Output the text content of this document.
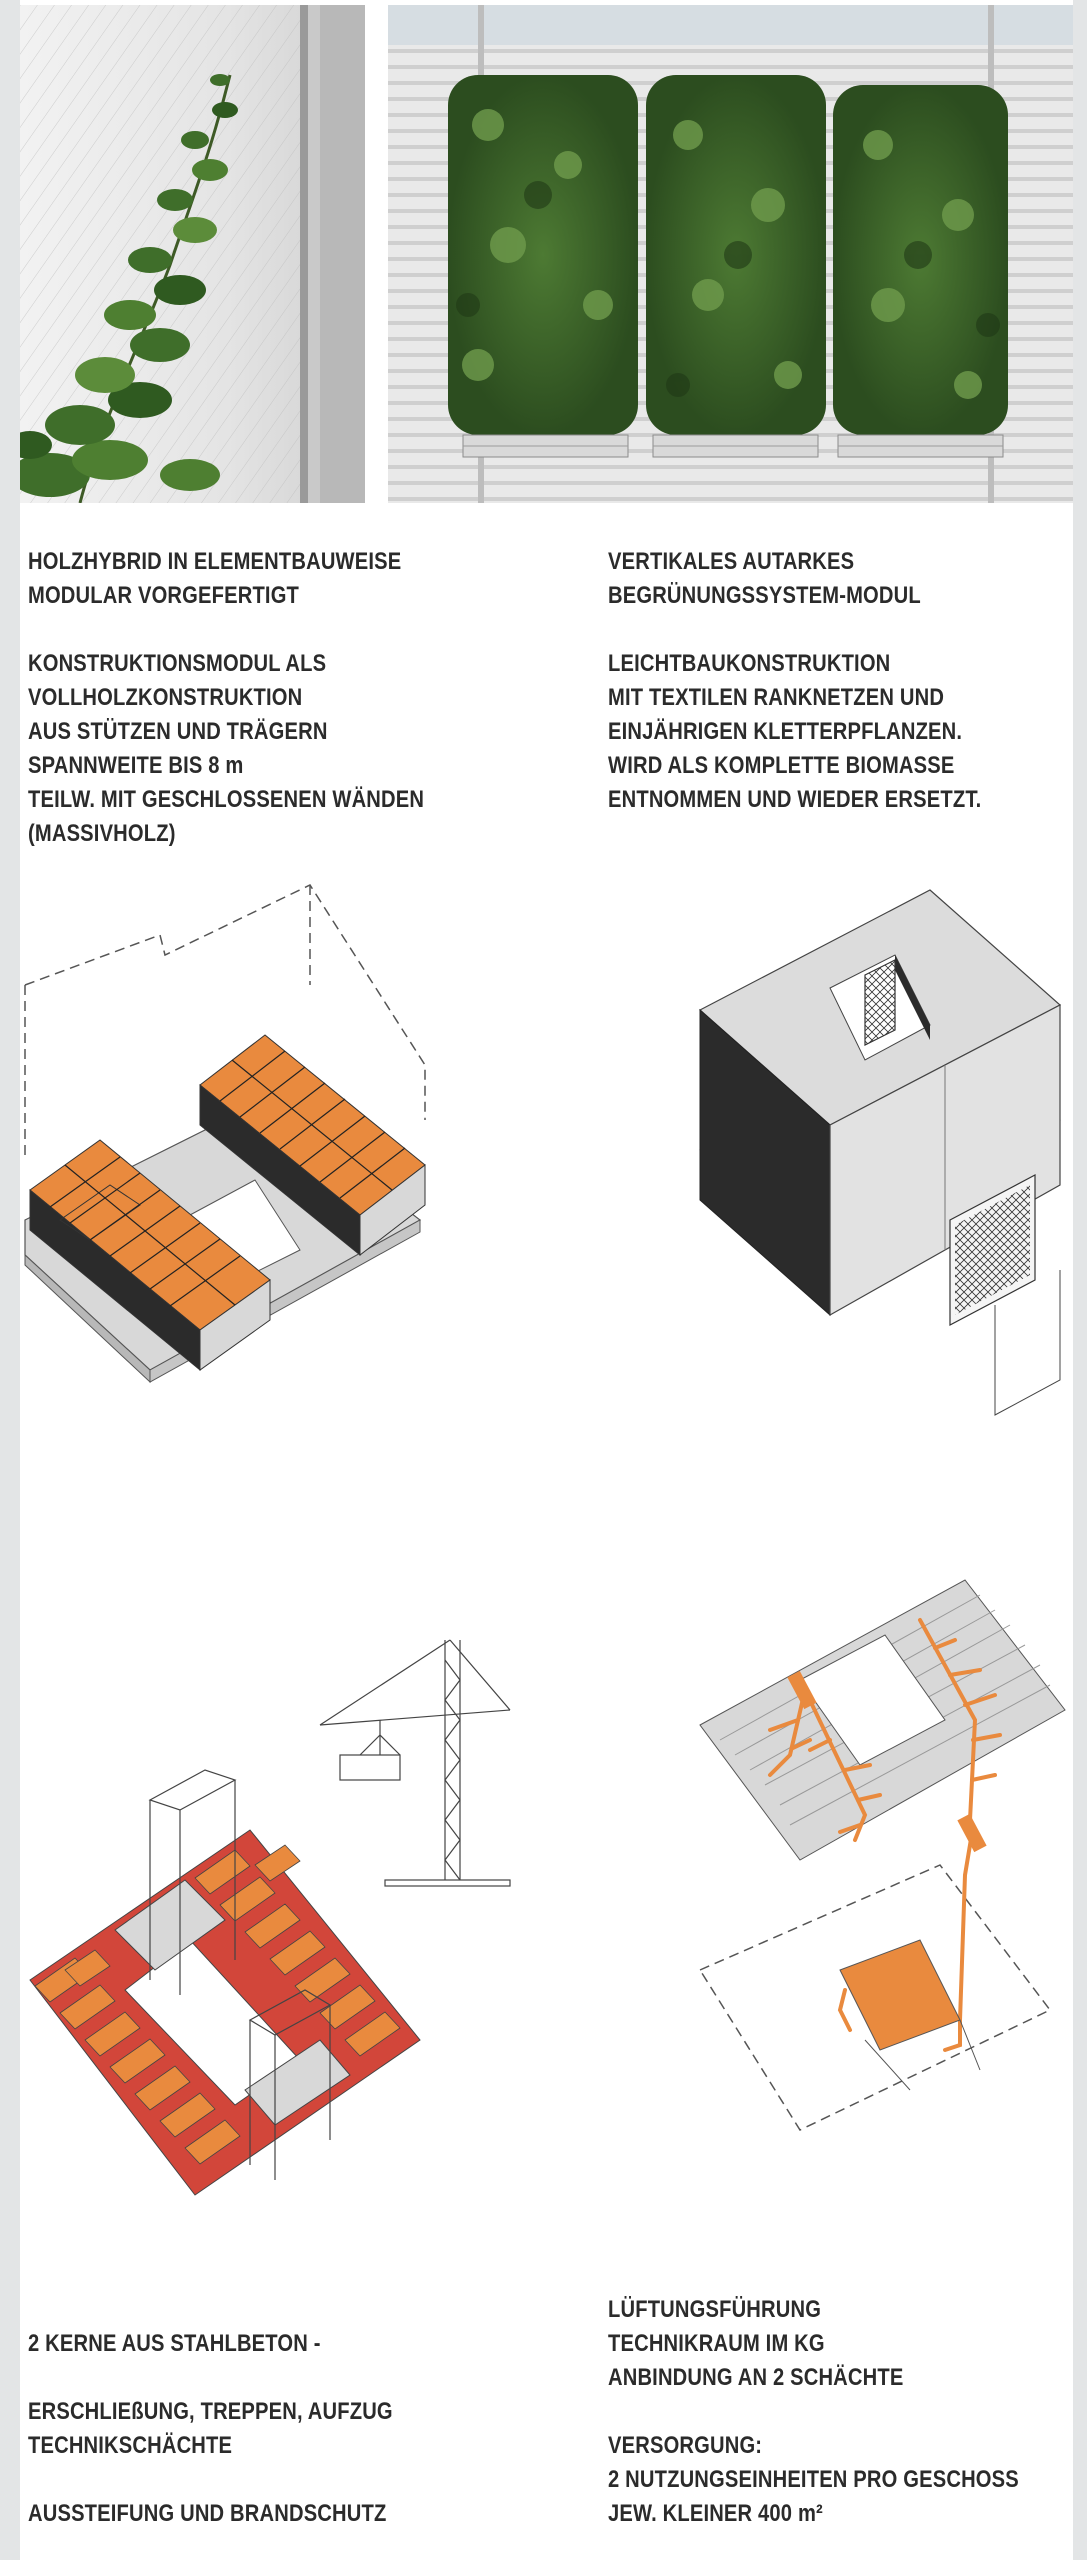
HOLZHYBRID IN ELEMENTBAUWEISE
MODULAR VORGEFERTIGT
KONSTRUKTIONSMODUL ALS
VOLLHOLZKONSTRUKTION
AUS STÜTZEN UND TRÄGERN
SPANNWEITE BIS 8 m
TEILW. MIT GESCHLOSSENEN WÄNDEN
(MASSIVHOLZ)
VERTIKALES AUTARKES
BEGRÜNUNGSSYSTEM-MODUL
LEICHTBAUKONSTRUKTION
MIT TEXTILEN RANKNETZEN UND
EINJÄHRIGEN KLETTERPFLANZEN.
WIRD ALS KOMPLETTE BIOMASSE
ENTNOMMEN UND WIEDER ERSETZT.
2 KERNE AUS STAHLBETON -
ERSCHLIEßUNG, TREPPEN, AUFZUG
TECHNIKSCHÄCHTE
AUSSTEIFUNG UND BRANDSCHUTZ
LÜFTUNGSFÜHRUNG
TECHNIKRAUM IM KG
ANBINDUNG AN 2 SCHÄCHTE
VERSORGUNG:
2 NUTZUNGSEINHEITEN PRO GESCHOSS
JEW. KLEINER 400 m²
